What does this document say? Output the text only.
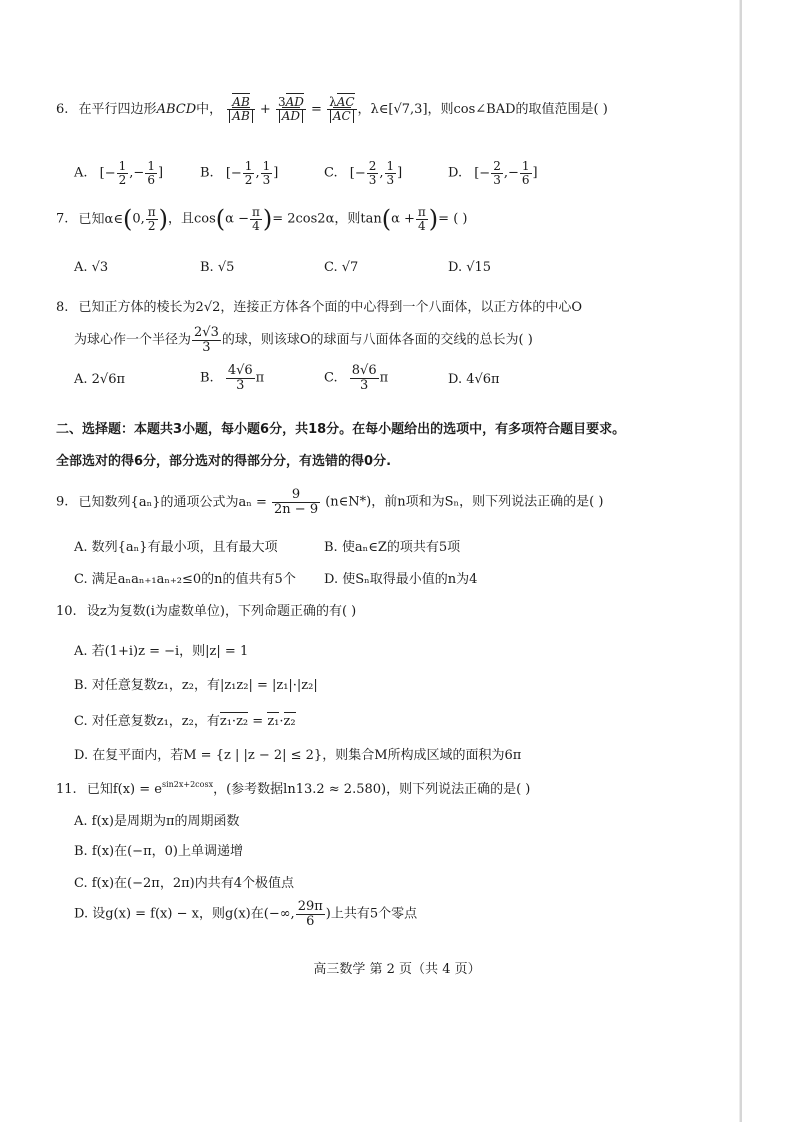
6. 在平行四边形ABCD中， $\frac{AB}{AB} + \frac{3AD}{AD} = \frac{\text{λAC}}{AC}$ ，λ∈[√7,3]，则cos∠BAD的取值范围是( )
A. [− $\frac{1}{2}$ ,− $\frac{1}{6}$ ]	B. [− $\frac{1}{2}$ , $\frac{1}{3}$ ]	C. [− $\frac{2}{3}$ , $\frac{1}{3}$ ]	D. [− $\frac{2}{3}$ ,− $\frac{1}{6}$ ]
7. 已知α∈(0, $\frac{\pi}{2}$ )，且$\cos(\alpha - \frac{\pi}{4}$ )= 2cos2α，则$\tan(\alpha + \frac{\pi}{4}$ )= ( )
A. √3	B. √5	C. √7	D. √15
8. 已知正方体的棱长为2√2，连接正方体各个面的中心得到一个八面体，以正方体的中心O
为球心作一个半径为 $\frac{2√3}{3}$ 的球，则该球O的球面与八面体各面的交线的总长为( )
A. 2√6π	B. $\frac{4√6}{3}$ π	C. $\frac{8√6}{3}$ π	D. 4√6π
二、选择题：本题共3小题，每小题6分，共18分。在每小题给出的选项中，有多项符合题目要求。
全部选对的得6分，部分选对的得部分分，有选错的得0分.
9. 已知数列{aₙ}的通项公式为$a_n = \frac{9}{2n - 9}$ (n∈N*)，前n项和为Sₙ，则下列说法正确的是( )
A. 数列{aₙ}有最小项，且有最大项	B. 使aₙ∈Z的项共有5项
C. 满足aₙaₙ₊₁aₙ₊₂≤0的n的值共有5个 D. 使Sₙ取得最小值的n为4
10. 设z为复数(i为虚数单位)，下列命题正确的有( )
A. 若(1+i)z = −i，则|z| = 1
B. 对任意复数z₁，z₂，有|z₁z₂| = |z₁|·|z₂|
C. 对任意复数z₁，z₂，有z₁·z₂ = z₁·z₂
D. 在复平面内，若M = {z | |z − 2| ≤ 2}，则集合M所构成区域的面积为6π
11. 已知$f(x) = e^{sin2x+2cosx}$，(参考数据ln13.2 ≈ 2.580)，则下列说法正确的是( )
A. f(x)是周期为π的周期函数
B. f(x)在(−π，0)上单调递增
C. f(x)在(−2π，2π)内共有4个极值点
D. 设g(x) = f(x) − x，则g(x)在(−∞, $\frac{29\pi}{6}$ )上共有5个零点
高三数学 第 2 页（共 4 页）
